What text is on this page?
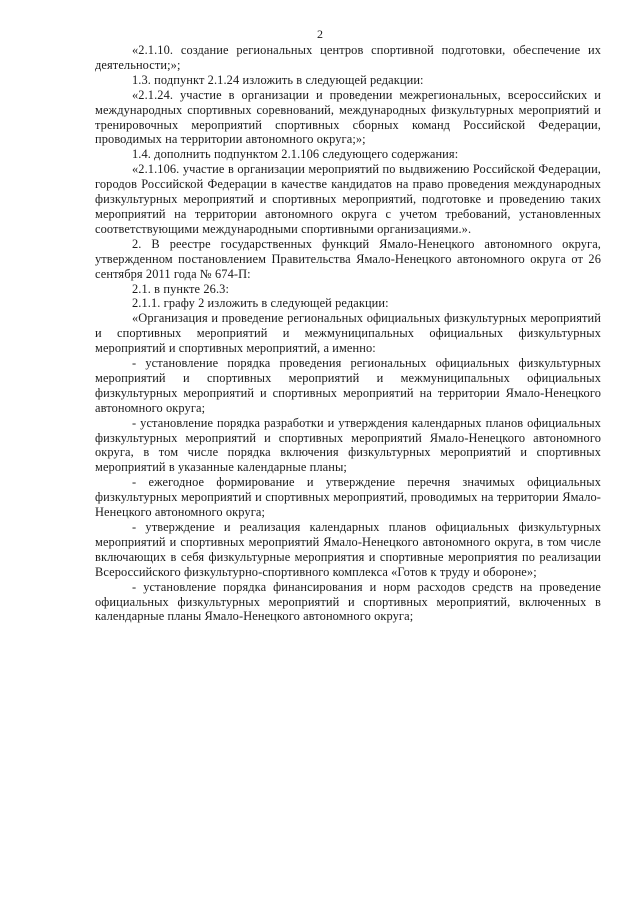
2

«2.1.10. создание региональных центров спортивной подготовки, обеспечение их деятельности;»;

1.3. подпункт 2.1.24 изложить в следующей редакции:

«2.1.24. участие в организации и проведении межрегиональных, всероссийских и международных спортивных соревнований, международных физкультурных мероприятий и тренировочных мероприятий спортивных сборных команд Российской Федерации, проводимых на территории автономного округа;»;

1.4. дополнить подпунктом 2.1.106 следующего содержания:

«2.1.106. участие в организации мероприятий по выдвижению Российской Федерации, городов Российской Федерации в качестве кандидатов на право проведения международных физкультурных мероприятий и спортивных мероприятий, подготовке и проведению таких мероприятий на территории автономного округа с учетом требований, установленных соответствующими международными спортивными организациями.».

2. В реестре государственных функций Ямало-Ненецкого автономного округа, утвержденном постановлением Правительства Ямало-Ненецкого автономного округа от 26 сентября 2011 года № 674-П:

2.1. в пункте 26.3:

2.1.1. графу 2 изложить в следующей редакции:

«Организация и проведение региональных официальных физкультурных мероприятий и спортивных мероприятий и межмуниципальных официальных физкультурных мероприятий и спортивных мероприятий, а именно:

- установление порядка проведения региональных официальных физкультурных мероприятий и спортивных мероприятий и межмуниципальных официальных физкультурных мероприятий и спортивных мероприятий на территории Ямало-Ненецкого автономного округа;

- установление порядка разработки и утверждения календарных планов официальных физкультурных мероприятий и спортивных мероприятий Ямало-Ненецкого автономного округа, в том числе порядка включения физкультурных мероприятий и спортивных мероприятий в указанные календарные планы;

- ежегодное формирование и утверждение перечня значимых официальных физкультурных мероприятий и спортивных мероприятий, проводимых на территории Ямало-Ненецкого автономного округа;

- утверждение и реализация календарных планов официальных физкультурных мероприятий и спортивных мероприятий Ямало-Ненецкого автономного округа, в том числе включающих в себя физкультурные мероприятия и спортивные мероприятия по реализации Всероссийского физкультурно-спортивного комплекса «Готов к труду и обороне»;

- установление порядка финансирования и норм расходов средств на проведение официальных физкультурных мероприятий и спортивных мероприятий, включенных в календарные планы Ямало-Ненецкого автономного округа;
